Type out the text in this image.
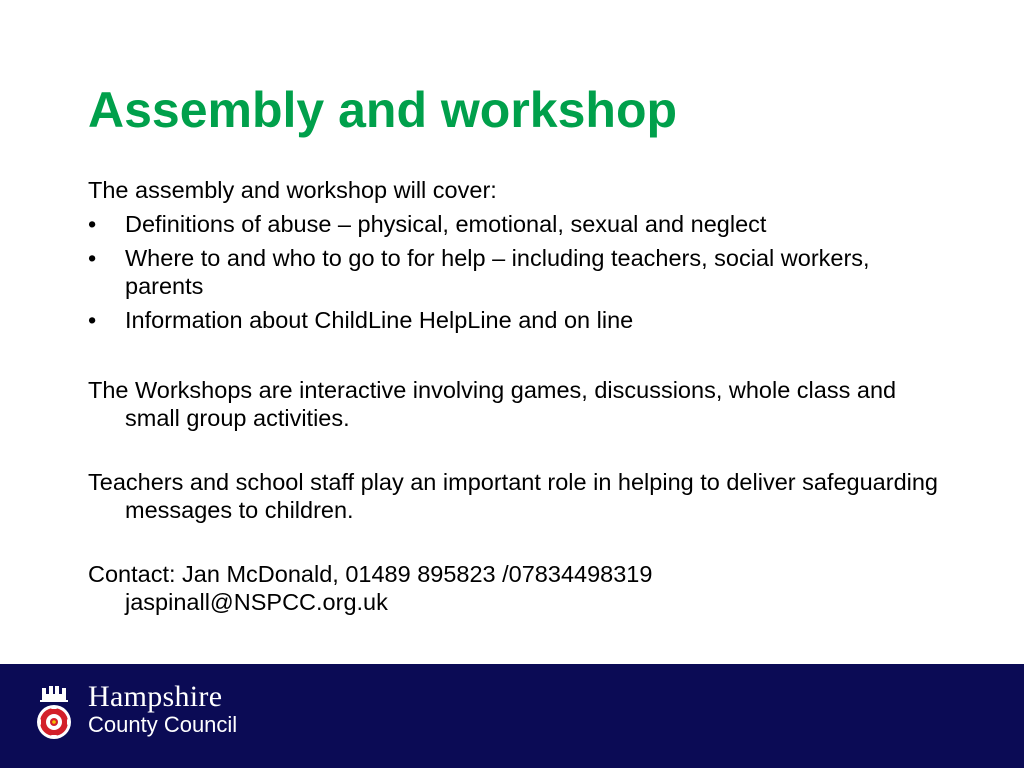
Assembly and workshop

The assembly and workshop will cover:

• Definitions of abuse – physical, emotional, sexual and neglect
• Where to and who to go to for help – including teachers, social workers, parents
• Information about ChildLine HelpLine and on line

The Workshops are interactive involving games, discussions, whole class and small group activities.

Teachers and school staff play an important role in helping to deliver safeguarding messages to children.

Contact: Jan McDonald, 01489 895823 /07834498319
jaspinall@NSPCC.org.uk

Hampshire
County Council
